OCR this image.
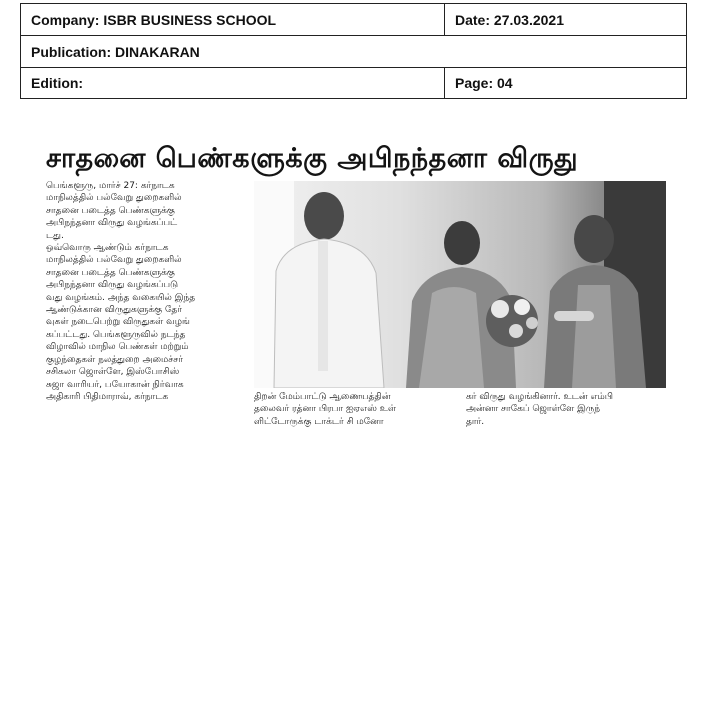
Company: ISBR BUSINESS SCHOOL	Date: 27.03.2021
Publication: DINAKARAN
Edition:	Page: 04
சாதனை பெண்களுக்கு அபிநந்தனா விருது
பெங்களூரு, மார்ச் 27: கர்நாடக
மாநிலத்தில் பல்வேறு துறைகளில்
சாதனை படைத்த பெண்களுக்கு
அபிநந்தனா விருது வழங்கப்பட்
டது.
ஒவ்வொரு ஆண்டும் கர்நாடக
மாநிலத்தில் பல்வேறு துறைகளில்
சாதனை படைத்த பெண்களுக்கு
அபிநந்தனா விருது வழங்கப்படு
வது வழங்கம். அந்த வகையில் இந்த
ஆண்டுக்கான விருதுகளுக்கு தேர்
வுகள் நடைபெற்று விருதுகள் வழங்
கப்பட்டது. பெங்களூருவில் நடந்த
விழாவில் மாநில பெண்கள் மற்றும்
குழந்தைகள் நலத்துறை அமைச்சர்
சசிகலா ஜொள்ளே, இஸ்போசிஸ்
சுஜா வாரியர், பயோகான் நிர்வாக
அதிகாரி பிதிமாராவ், கர்நாடக	திறன் மேம்பாட்டு ஆணையத்தின்
தலைவர் ரத்னா பிரபா ஐஏஎஸ் உள்
ளிட்டோருக்கு டாக்டர் சி மனோ
கர் விருது வழங்கினார். உடன் எம்பி
அன்னா சாகேப் ஜொள்ளே இருந்
தார்.
